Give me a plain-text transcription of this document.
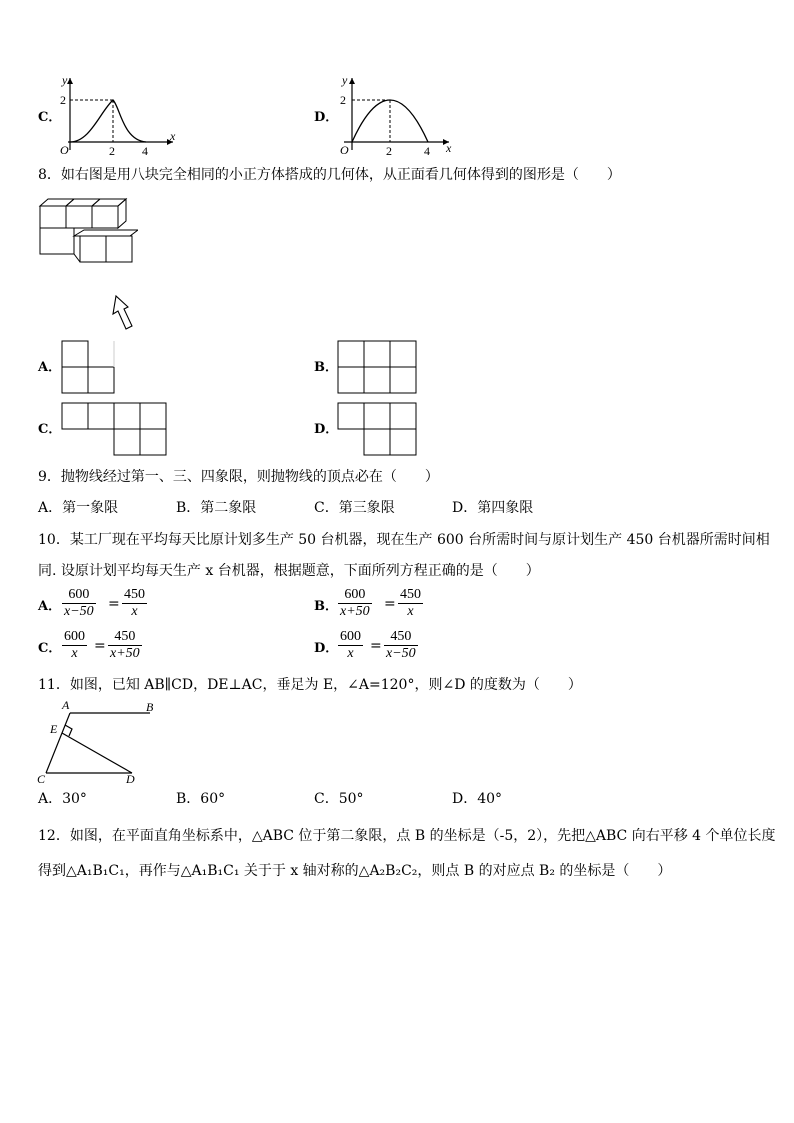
C．
y
x
O
2
2 4
D．
y
x
O
2
2	4
8．如右图是用八块完全相同的小正方体搭成的几何体，从正面看几何体得到的图形是（　　）
A．	B．
C．	D．
9．抛物线经过第一、三、四象限，则抛物线的顶点必在（　　）
A．第一象限	B．第二象限	C．第三象限	D．第四象限
10．某工厂现在平均每天比原计划多生产 50 台机器，现在生产 600 台所需时间与原计划生产 450 台机器所需时间相
同. 设原计划平均每天生产 x 台机器，根据题意，下面所列方程正确的是（　　）
A． $\frac{600}{x-50} = \frac{450}{x}$	B． $\frac{600}{x+50} = \frac{450}{x}$
C． $\frac{600}{x} = \frac{450}{x+50}$	D． $\frac{600}{x} = \frac{450}{x-50}$
11．如图，已知 AB∥CD，DE⊥AC，垂足为 E，∠A=120°，则∠D 的度数为（　　）
A	B
E
C	D
A．30°	B．60°	C．50°	D．40°
12．如图，在平面直角坐标系中，△ABC 位于第二象限，点 B 的坐标是（-5，2），先把△ABC 向右平移 4 个单位长度
得到△A₁B₁C₁，再作与△A₁B₁C₁ 关于于 x 轴对称的△A₂B₂C₂，则点 B 的对应点 B₂ 的坐标是（　　）
